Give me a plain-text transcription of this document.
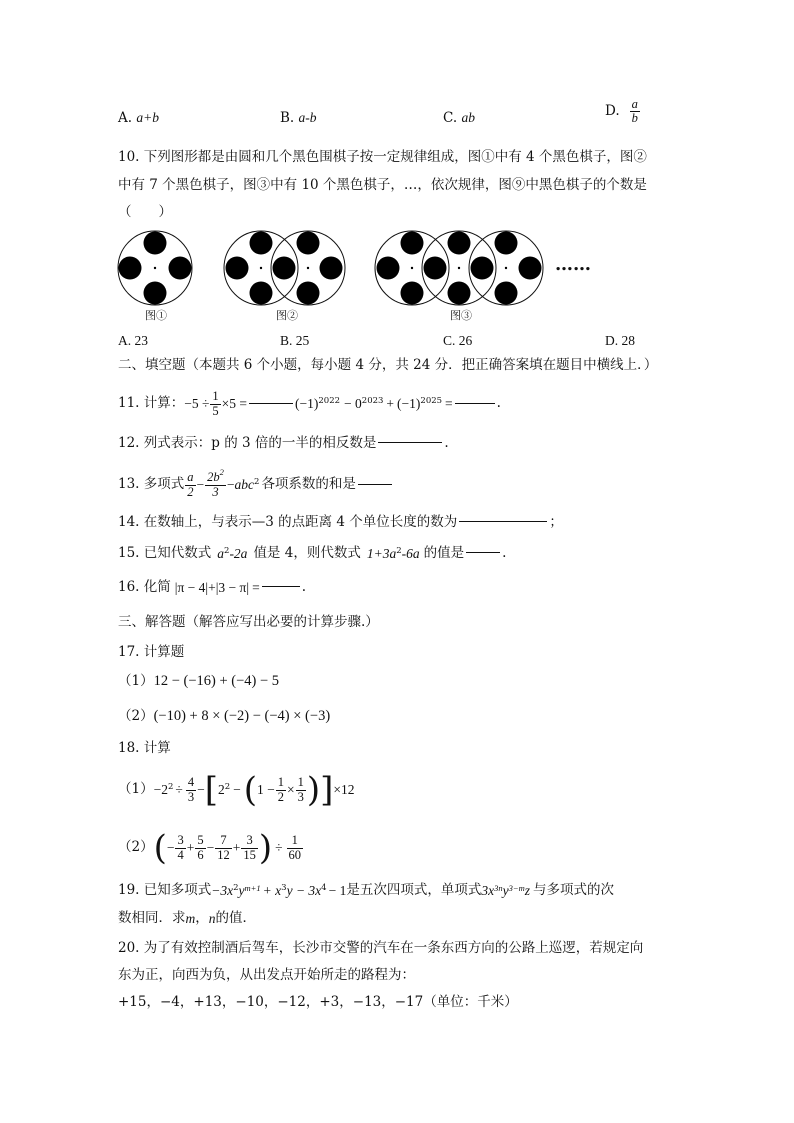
A. a+b	B. a-b	C. ab	D. $\frac{a}{b}$
10. 下列图形都是由圆和几个黑色围棋子按一定规律组成，图①中有 4 个黑色棋子，图②
中有 7 个黑色棋子，图③中有 10 个黑色棋子，…，依次规律，图⑨中黑色棋子的个数是
（　　）
……
图①	图②	图③
A. 23	B. 25	C. 26	D. 28
二、填空题（本题共 6 个小题，每小题 4 分，共 24 分．把正确答案填在题目中横线上．）
11. 计算： $-5 \div \frac{1}{5} \times 5$ =	$(-1)^{2022} - 0^{2023} + (-1)^{2025}$ =	.
12. 列式表示：p 的 3 倍的一半的相反数是	.
13. 多项式 $\frac{a}{2} - \frac{2b^2}{3} - abc^2$ 各项系数的和是
14. 在数轴上，与表示—3 的点距离 4 个单位长度的数为	；
15. 已知代数式 $a^2$ -2a 值是 4，则代数式 $1+3a^2$ -6a 的值是	.
16. 化简 |π − 4| + |3 − π| =	.
三、解答题（解答应写出必要的计算步骤.）
17. 计算题
（1） 12 − (−16) + (−4) − 5
（2） (−10) + 8 × (−2) − (−4) × (−3)
18. 计算
$(1) -2^2 \div \frac{4}{3}$ − [ $2^2$ − ( $1 - \frac{1}{2} \times \frac{1}{3}$ ) ] ×12
（2） ( − $\frac{3}{4} + \frac{5}{6} - \frac{7}{12} + \frac{3}{15}$ ) ÷ $\frac{1}{60}$
19. 已知多项式 $-3x^2$ $y^{m+1} + x^3$ $y - 3x^4 - 1$ 是五次四项式，单项式 $3x^{3n}$ $y^{3-m}$ z 与多项式的次
数相同．求 m ， n 的值．
20. 为了有效控制酒后驾车，长沙市交警的汽车在一条东西方向的公路上巡逻，若规定向
东为正，向西为负，从出发点开始所走的路程为：
+15，−4，+13，−10，−12，+3，−13，−17（单位：千米）
